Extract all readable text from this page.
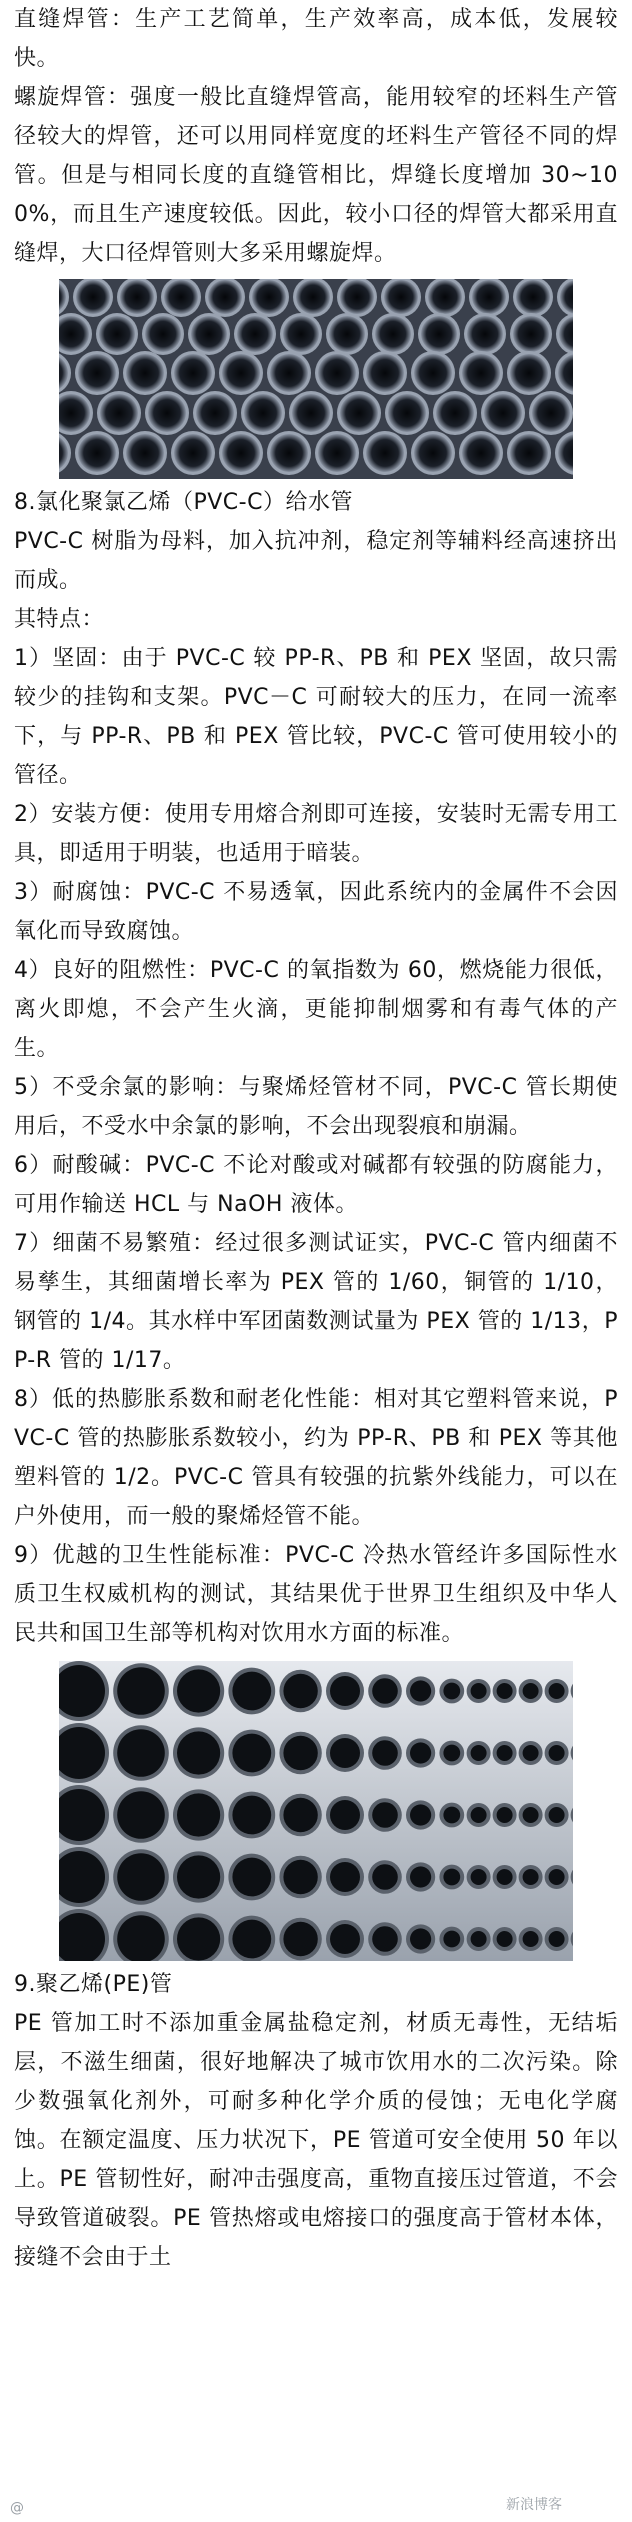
直缝焊管：生产工艺简单，生产效率高，成本低，发展较快。

螺旋焊管：强度一般比直缝焊管高，能用较窄的坯料生产管径较大的焊管，还可以用同样宽度的坯料生产管径不同的焊管。但是与相同长度的直缝管相比，焊缝长度增加 30~100%，而且生产速度较低。因此，较小口径的焊管大都采用直缝焊，大口径焊管则大多采用螺旋焊。

8.氯化聚氯乙烯（PVC-C）给水管

PVC-C 树脂为母料，加入抗冲剂，稳定剂等辅料经高速挤出而成。

其特点：

1）坚固：由于 PVC-C 较 PP-R、PB 和 PEX 坚固，故只需较少的挂钩和支架。PVC－C 可耐较大的压力，在同一流率下，与 PP-R、PB 和 PEX 管比较，PVC-C 管可使用较小的管径。

2）安装方便：使用专用熔合剂即可连接，安装时无需专用工具，即适用于明装，也适用于暗装。

3）耐腐蚀：PVC-C 不易透氧，因此系统内的金属件不会因氧化而导致腐蚀。

4）良好的阻燃性：PVC-C 的氧指数为 60，燃烧能力很低，离火即熄，不会产生火滴，更能抑制烟雾和有毒气体的产生。

5）不受余氯的影响：与聚烯烃管材不同，PVC-C 管长期使用后，不受水中余氯的影响，不会出现裂痕和崩漏。

6）耐酸碱：PVC-C 不论对酸或对碱都有较强的防腐能力，可用作输送 HCL 与 NaOH 液体。

7）细菌不易繁殖：经过很多测试证实，PVC-C 管内细菌不易孳生，其细菌增长率为 PEX 管的 1/60，铜管的 1/10，钢管的 1/4。其水样中军团菌数测试量为 PEX 管的 1/13，PP-R 管的 1/17。

8）低的热膨胀系数和耐老化性能：相对其它塑料管来说，PVC-C 管的热膨胀系数较小，约为 PP-R、PB 和 PEX 等其他塑料管的 1/2。PVC-C 管具有较强的抗紫外线能力，可以在户外使用，而一般的聚烯烃管不能。

9）优越的卫生性能标准：PVC-C 冷热水管经许多国际性水质卫生权威机构的测试，其结果优于世界卫生组织及中华人民共和国卫生部等机构对饮用水方面的标准。

9.聚乙烯(PE)管

PE 管加工时不添加重金属盐稳定剂，材质无毒性，无结垢层，不滋生细菌，很好地解决了城市饮用水的二次污染。除少数强氧化剂外，可耐多种化学介质的侵蚀；无电化学腐蚀。在额定温度、压力状况下，PE 管道可安全使用 50 年以上。PE 管韧性好，耐冲击强度高，重物直接压过管道，不会导致管道破裂。PE 管热熔或电熔接口的强度高于管材本体，接缝不会由于土

@	新浪博客
